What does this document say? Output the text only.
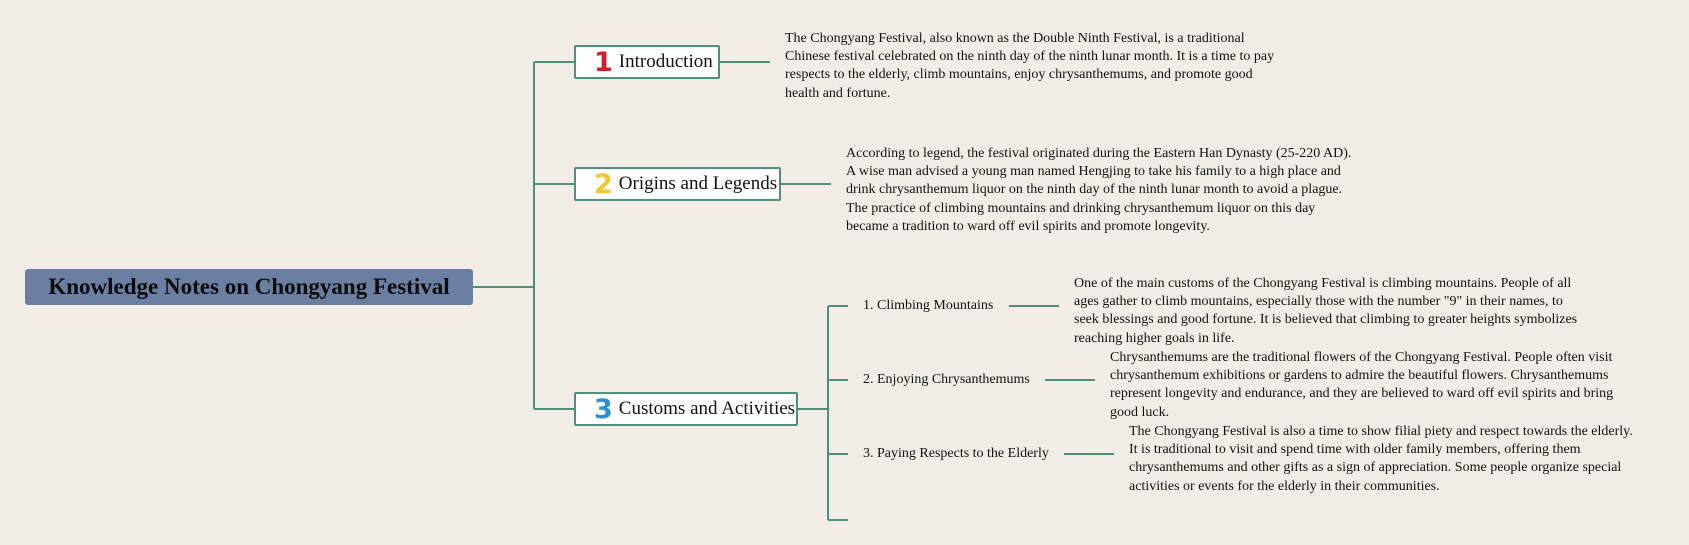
Knowledge Notes on Chongyang Festival
1 Introduction
The Chongyang Festival, also known as the Double Ninth Festival, is a traditional Chinese festival celebrated on the ninth day of the ninth lunar month. It is a time to pay respects to the elderly, climb mountains, enjoy chrysanthemums, and promote good health and fortune.
2 Origins and Legends
According to legend, the festival originated during the Eastern Han Dynasty (25-220 AD). A wise man advised a young man named Hengjing to take his family to a high place and drink chrysanthemum liquor on the ninth day of the ninth lunar month to avoid a plague. The practice of climbing mountains and drinking chrysanthemum liquor on this day became a tradition to ward off evil spirits and promote longevity.
3 Customs and Activities
1. Climbing Mountains
One of the main customs of the Chongyang Festival is climbing mountains. People of all ages gather to climb mountains, especially those with the number "9" in their names, to seek blessings and good fortune. It is believed that climbing to greater heights symbolizes reaching higher goals in life.
2. Enjoying Chrysanthemums
Chrysanthemums are the traditional flowers of the Chongyang Festival. People often visit chrysanthemum exhibitions or gardens to admire the beautiful flowers. Chrysanthemums represent longevity and endurance, and they are believed to ward off evil spirits and bring good luck.
3. Paying Respects to the Elderly
The Chongyang Festival is also a time to show filial piety and respect towards the elderly. It is traditional to visit and spend time with older family members, offering them chrysanthemums and other gifts as a sign of appreciation. Some people organize special activities or events for the elderly in their communities.
